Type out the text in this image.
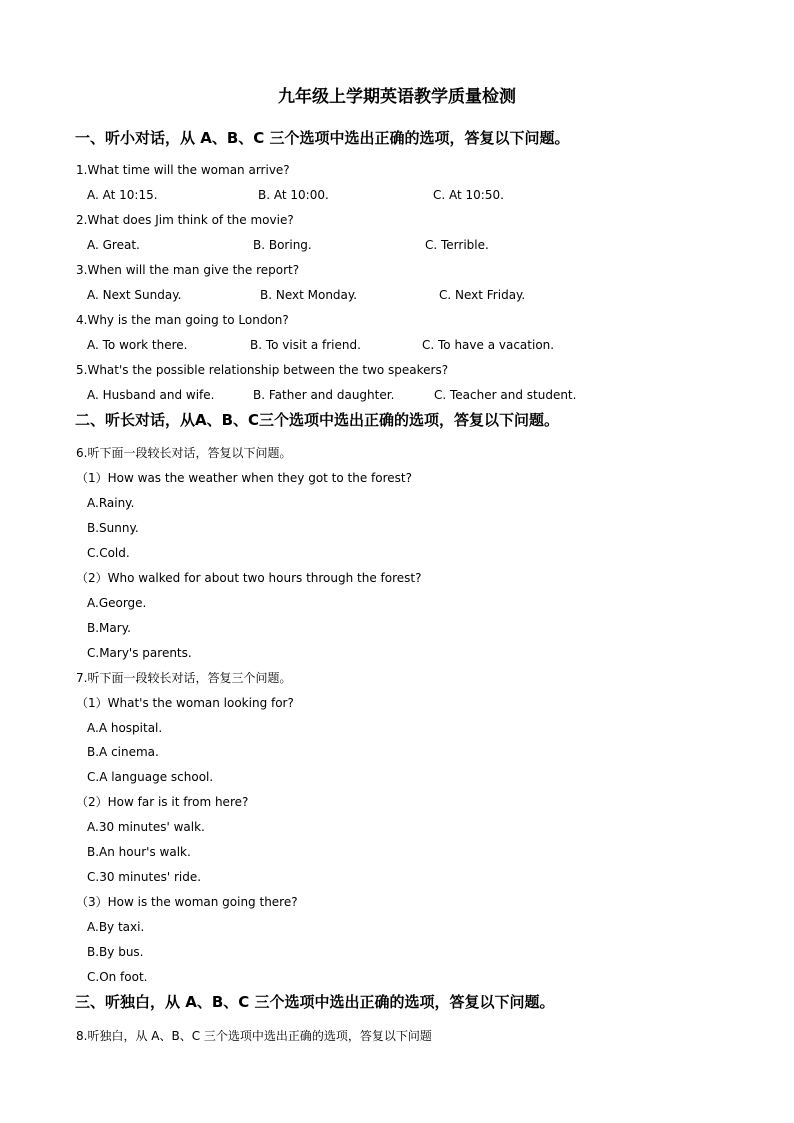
九年级上学期英语教学质量检测
一、听小对话，从 A、B、C 三个选项中选出正确的选项，答复以下问题。
1.What time will the woman arrive?
A. At 10:15.	B. At 10:00.	C. At 10:50.
2.What does Jim think of the movie?
A. Great.	B. Boring.	C. Terrible.
3.When will the man give the report?
A. Next Sunday.	B. Next Monday.	C. Next Friday.
4.Why is the man going to London?
A. To work there.	B. To visit a friend.	C. To have a vacation.
5.What's the possible relationship between the two speakers?
A. Husband and wife.	B. Father and daughter.	C. Teacher and student.
二、听长对话，从A、B、C三个选项中选出正确的选项，答复以下问题。
6.听下面一段较长对话，答复以下问题。
（1）How was the weather when they got to the forest?
A.Rainy.
B.Sunny.
C.Cold.
（2）Who walked for about two hours through the forest?
A.George.
B.Mary.
C.Mary's parents.
7.听下面一段较长对话，答复三个问题。
（1）What's the woman looking for?
A.A hospital.
B.A cinema.
C.A language school.
（2）How far is it from here?
A.30 minutes' walk.
B.An hour's walk.
C.30 minutes' ride.
（3）How is the woman going there?
A.By taxi.
B.By bus.
C.On foot.
三、听独白，从 A、B、C 三个选项中选出正确的选项，答复以下问题。
8.听独白，从 A、B、C 三个选项中选出正确的选项，答复以下问题
